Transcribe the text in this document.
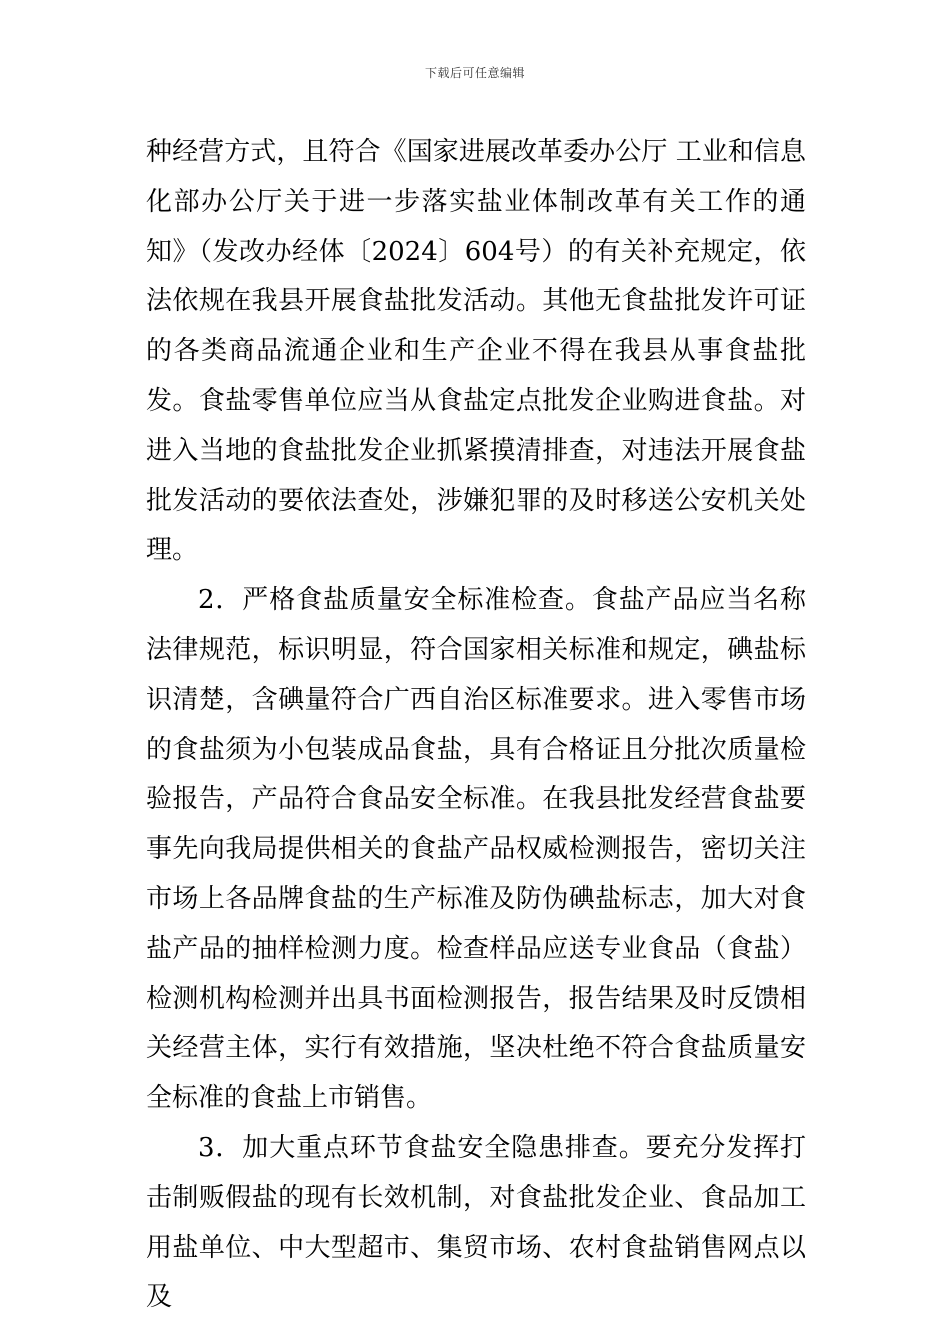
下载后可任意编辑

种经营方式，且符合《国家进展改革委办公厅 工业和信息化部办公厅关于进一步落实盐业体制改革有关工作的通知》（发改办经体〔2024〕604号）的有关补充规定，依法依规在我县开展食盐批发活动。其他无食盐批发许可证的各类商品流通企业和生产企业不得在我县从事食盐批发。食盐零售单位应当从食盐定点批发企业购进食盐。对进入当地的食盐批发企业抓紧摸清排查，对违法开展食盐批发活动的要依法查处，涉嫌犯罪的及时移送公安机关处理。

2．严格食盐质量安全标准检查。食盐产品应当名称法律规范，标识明显，符合国家相关标准和规定，碘盐标识清楚，含碘量符合广西自治区标准要求。进入零售市场的食盐须为小包装成品食盐，具有合格证且分批次质量检验报告，产品符合食品安全标准。在我县批发经营食盐要事先向我局提供相关的食盐产品权威检测报告，密切关注市场上各品牌食盐的生产标准及防伪碘盐标志，加大对食盐产品的抽样检测力度。检查样品应送专业食品（食盐）检测机构检测并出具书面检测报告，报告结果及时反馈相关经营主体，实行有效措施，坚决杜绝不符合食盐质量安全标准的食盐上市销售。

3．加大重点环节食盐安全隐患排查。要充分发挥打击制贩假盐的现有长效机制，对食盐批发企业、食品加工用盐单位、中大型超市、集贸市场、农村食盐销售网点以及
